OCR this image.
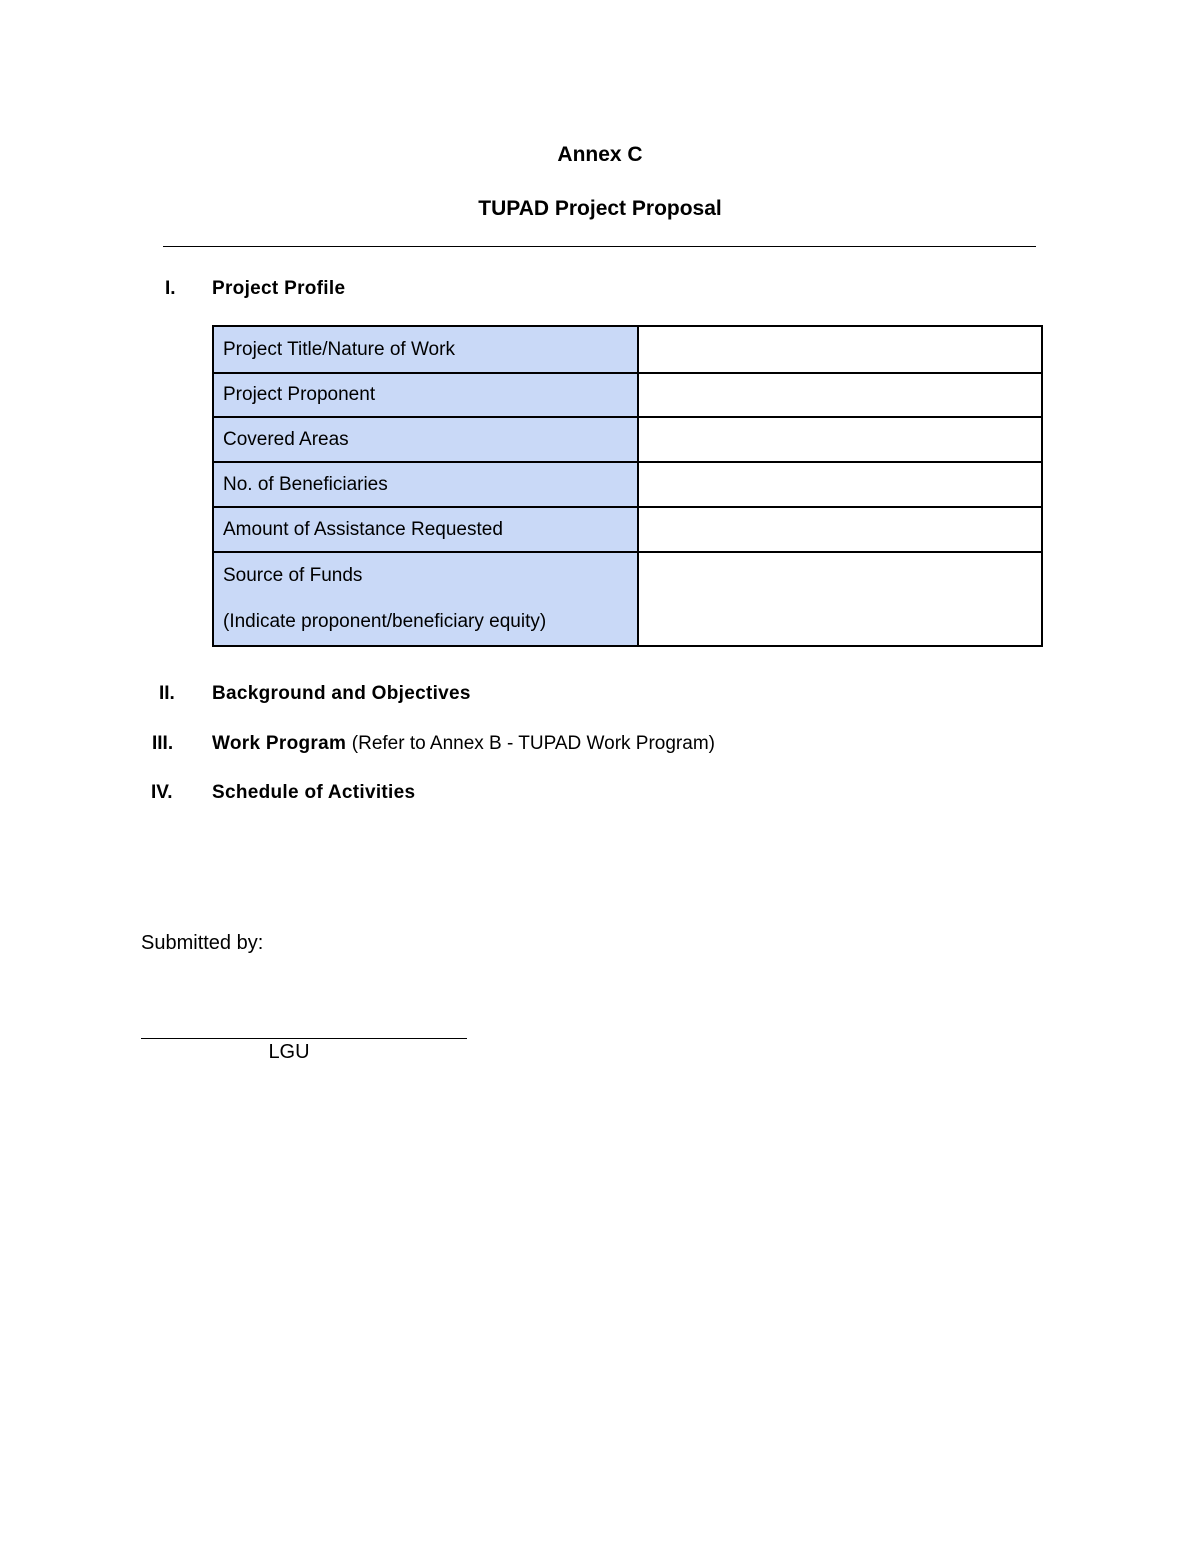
Annex C
TUPAD Project Proposal
I. Project Profile
Project Title/Nature of Work	
Project Proponent	
Covered Areas	
No. of Beneficiaries	
Amount of Assistance Requested	
Source of Funds
(Indicate proponent/beneficiary equity)	

II. Background and Objectives
III. Work Program (Refer to Annex B - TUPAD Work Program)
IV. Schedule of Activities
Submitted by:
LGU
